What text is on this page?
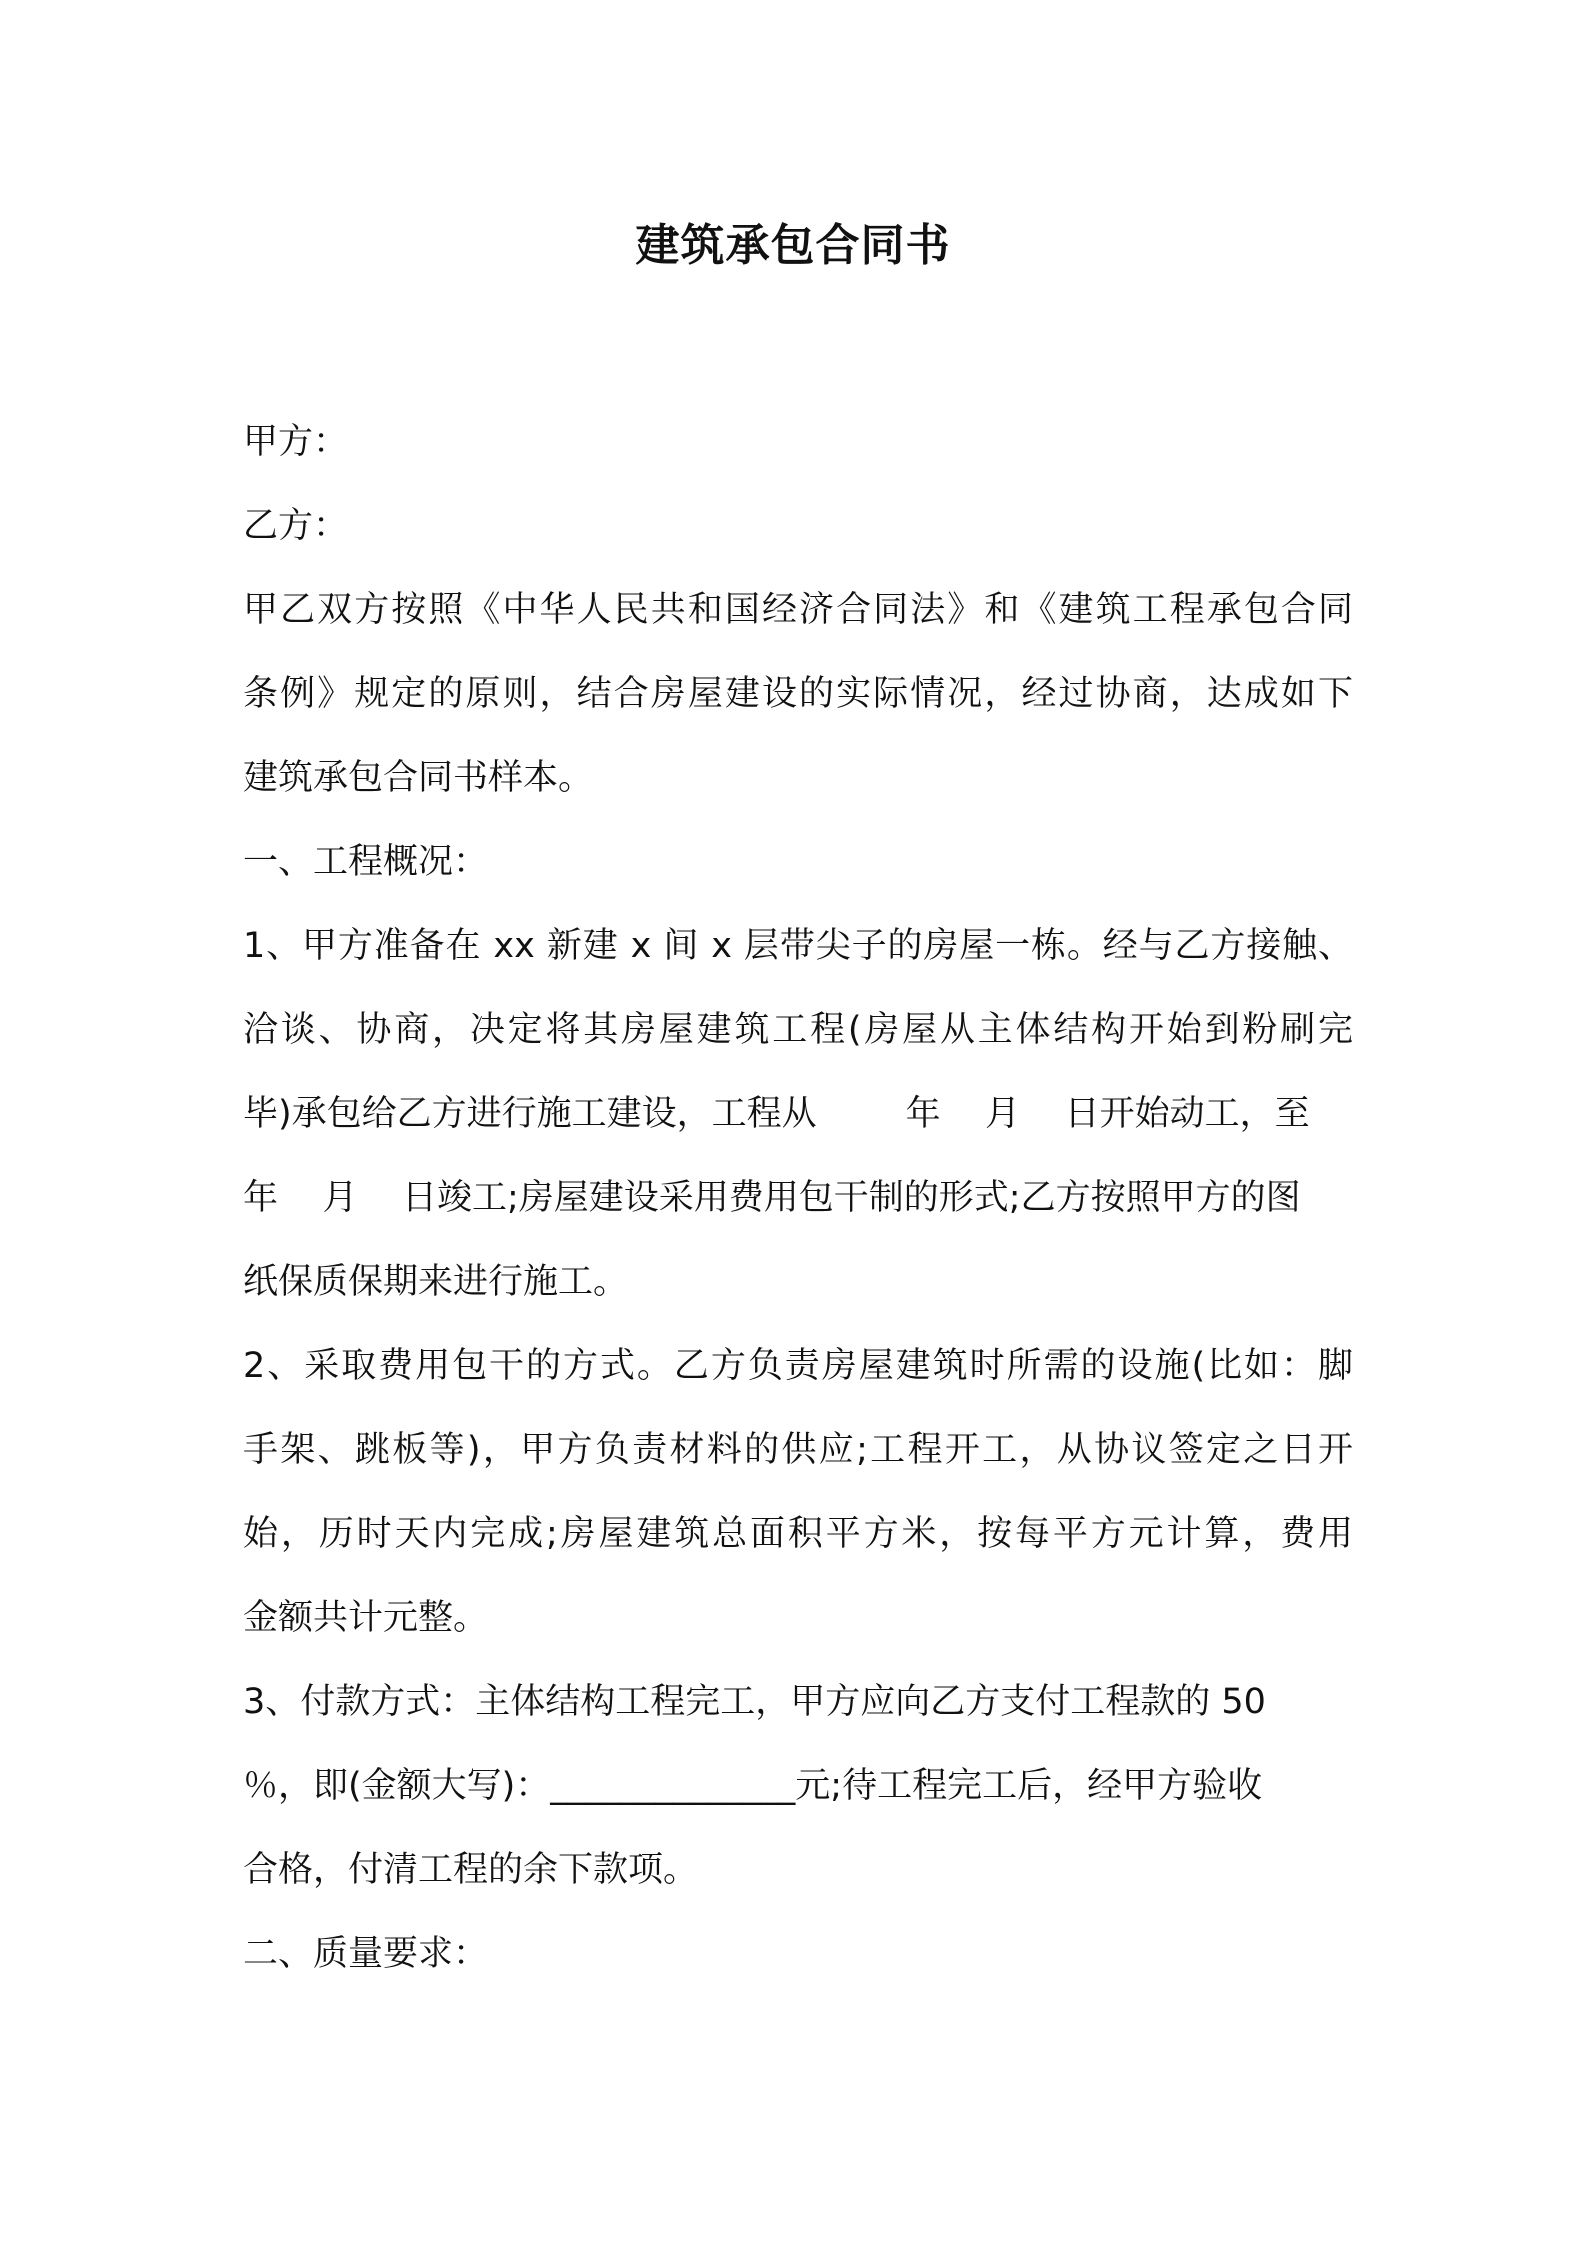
建筑承包合同书
甲方：
乙方：
甲乙双方按照《中华人民共和国经济合同法》和《建筑工程承包合同
条例》规定的原则，结合房屋建设的实际情况，经过协商，达成如下
建筑承包合同书样本。
一、工程概况：
1、甲方准备在 xx 新建 x 间 x 层带尖子的房屋一栋。经与乙方接触、
洽谈、协商，决定将其房屋建筑工程(房屋从主体结构开始到粉刷完
毕)承包给乙方进行施工建设，工程从        年    月    日开始动工，至
年    月    日竣工;房屋建设采用费用包干制的形式;乙方按照甲方的图
纸保质保期来进行施工。
2、采取费用包干的方式。乙方负责房屋建筑时所需的设施(比如：脚
手架、跳板等)，甲方负责材料的供应;工程开工，从协议签定之日开
始，历时天内完成;房屋建筑总面积平方米，按每平方元计算，费用
金额共计元整。
3、付款方式：主体结构工程完工，甲方应向乙方支付工程款的 50
％，即(金额大写)：______________元;待工程完工后，经甲方验收
合格，付清工程的余下款项。
二、质量要求：
